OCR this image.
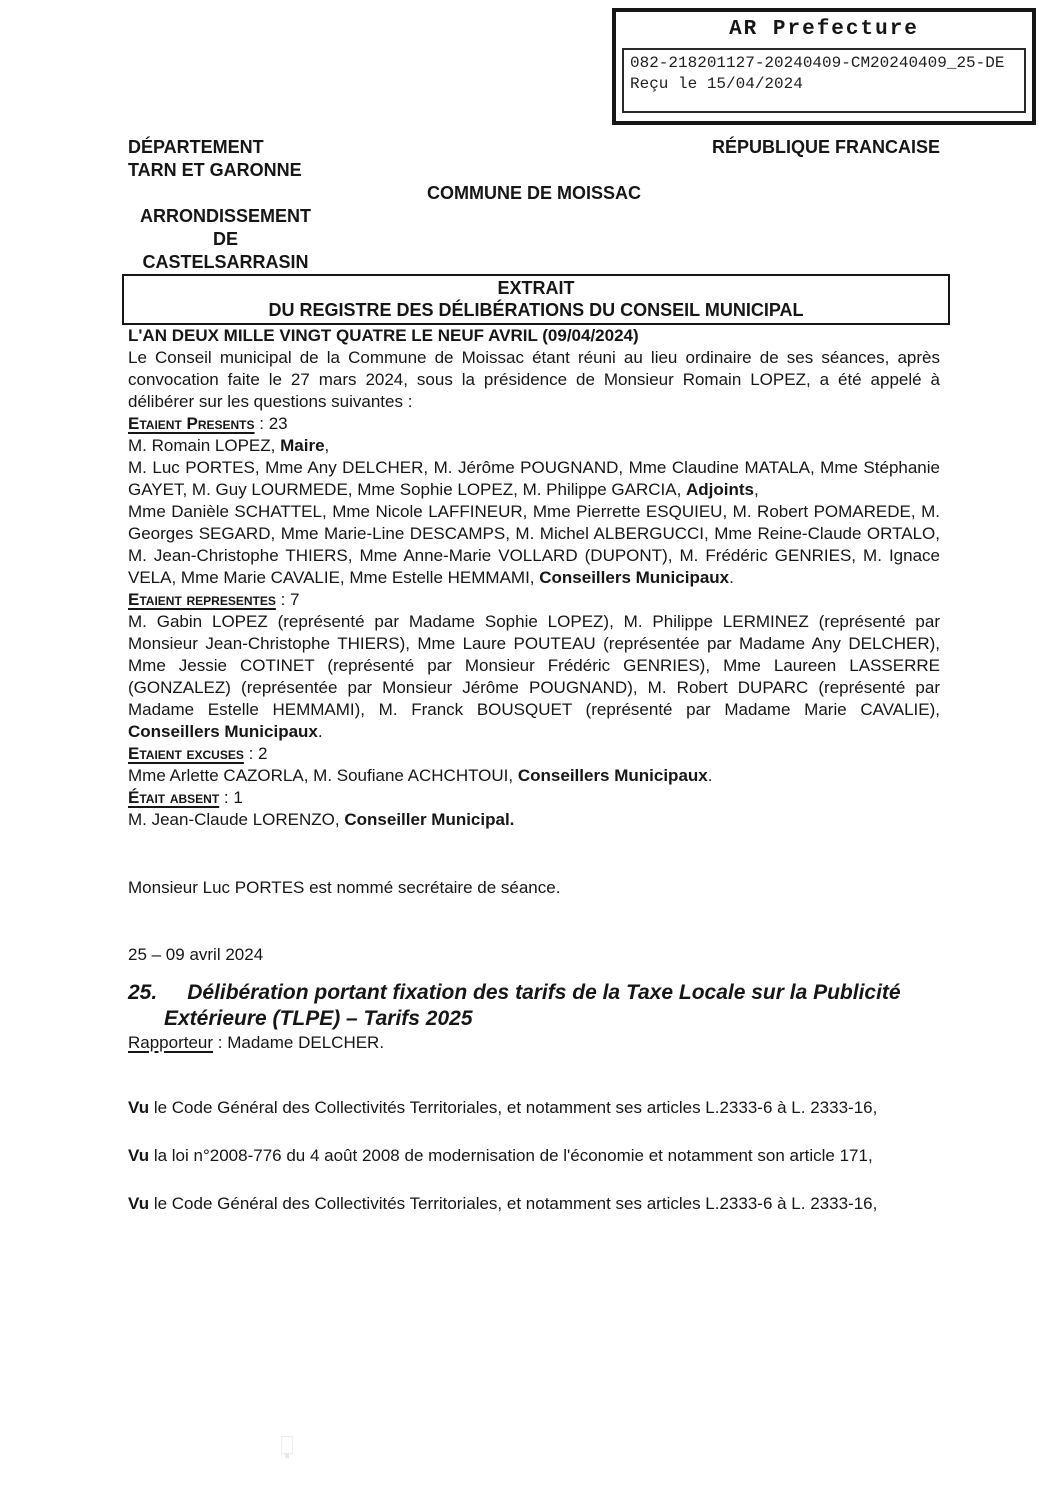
AR Prefecture
082-218201127-20240409-CM20240409_25-DE
Reçu le 15/04/2024
DÉPARTEMENT
TARN ET GARONNE
RÉPUBLIQUE FRANCAISE
COMMUNE DE MOISSAC
ARRONDISSEMENT
DE
CASTELSARRASIN
EXTRAIT
DU REGISTRE DES DÉLIBÉRATIONS DU CONSEIL MUNICIPAL

L'AN DEUX MILLE VINGT QUATRE LE NEUF AVRIL (09/04/2024)

Le Conseil municipal de la Commune de Moissac étant réuni au lieu ordinaire de ses séances, après convocation faite le 27 mars 2024, sous la présidence de Monsieur Romain LOPEZ, a été appelé à délibérer sur les questions suivantes :

Etaient Presents : 23

M. Romain LOPEZ, Maire,

M. Luc PORTES, Mme Any DELCHER, M. Jérôme POUGNAND, Mme Claudine MATALA, Mme Stéphanie GAYET, M. Guy LOURMEDE, Mme Sophie LOPEZ, M. Philippe GARCIA, Adjoints,

Mme Danièle SCHATTEL, Mme Nicole LAFFINEUR, Mme Pierrette ESQUIEU, M. Robert POMAREDE, M. Georges SEGARD, Mme Marie-Line DESCAMPS, M. Michel ALBERGUCCI, Mme Reine-Claude ORTALO, M. Jean-Christophe THIERS, Mme Anne-Marie VOLLARD (DUPONT), M. Frédéric GENRIES, M. Ignace VELA, Mme Marie CAVALIE, Mme Estelle HEMMAMI, Conseillers Municipaux.

Etaient representes : 7

M. Gabin LOPEZ (représenté par Madame Sophie LOPEZ), M. Philippe LERMINEZ (représenté par Monsieur Jean-Christophe THIERS), Mme Laure POUTEAU (représentée par Madame Any DELCHER), Mme Jessie COTINET (représenté par Monsieur Frédéric GENRIES), Mme Laureen LASSERRE (GONZALEZ) (représentée par Monsieur Jérôme POUGNAND), M. Robert DUPARC (représenté par Madame Estelle HEMMAMI), M. Franck BOUSQUET (représenté par Madame Marie CAVALIE), Conseillers Municipaux.

Etaient excuses : 2

Mme Arlette CAZORLA, M. Soufiane ACHCHTOUI, Conseillers Municipaux.

Était absent : 1

M. Jean-Claude LORENZO, Conseiller Municipal.

Monsieur Luc PORTES est nommé secrétaire de séance.

25 – 09 avril 2024

25. Délibération portant fixation des tarifs de la Taxe Locale sur la Publicité Extérieure (TLPE) – Tarifs 2025

Rapporteur : Madame DELCHER.

Vu le Code Général des Collectivités Territoriales, et notamment ses articles L.2333-6 à L. 2333-16,

Vu la loi n°2008-776 du 4 août 2008 de modernisation de l'économie et notamment son article 171,

Vu le Code Général des Collectivités Territoriales, et notamment ses articles L.2333-6 à L. 2333-16,
